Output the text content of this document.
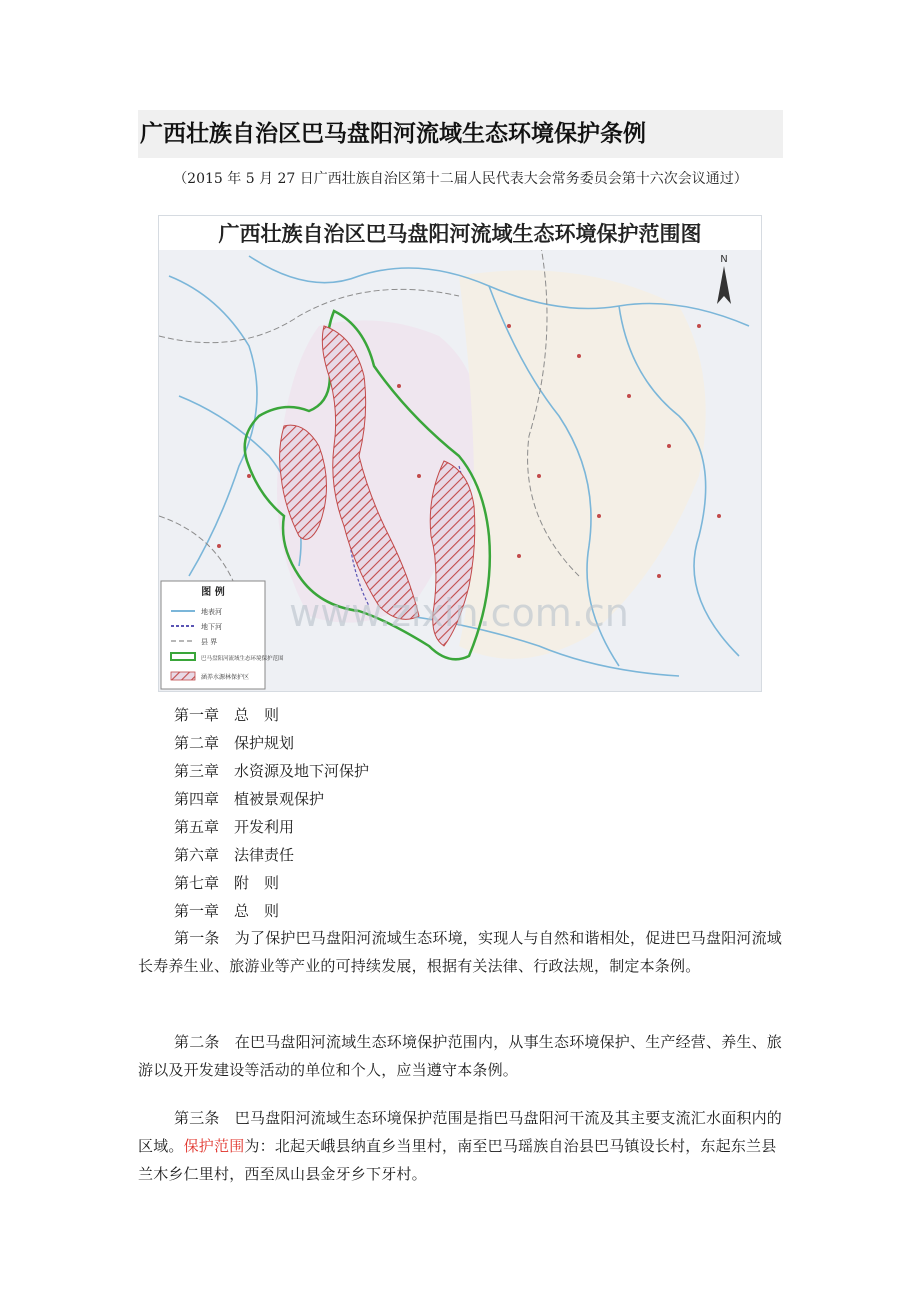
广西壮族自治区巴马盘阳河流域生态环境保护条例
（2015 年 5 月 27 日广西壮族自治区第十二届人民代表大会常务委员会第十六次会议通过）
广西壮族自治区巴马盘阳河流域生态环境保护范围图
N
www.zixin.com.cn
图 例
地表河
地下河
县 界
巴马盘阳河流域生态环境保护范围
涵养水源林保护区
第一章　总　则
第二章　保护规划
第三章　水资源及地下河保护
第四章　植被景观保护
第五章　开发利用
第六章　法律责任
第七章　附　则
第一章　总　则

第一条　为了保护巴马盘阳河流域生态环境，实现人与自然和谐相处，促进巴马盘阳河流域长寿养生业、旅游业等产业的可持续发展，根据有关法律、行政法规，制定本条例。

第二条　在巴马盘阳河流域生态环境保护范围内，从事生态环境保护、生产经营、养生、旅游以及开发建设等活动的单位和个人，应当遵守本条例。

第三条　巴马盘阳河流域生态环境保护范围是指巴马盘阳河干流及其主要支流汇水面积内的区域。保护范围为：北起天峨县纳直乡当里村，南至巴马瑶族自治县巴马镇设长村，东起东兰县兰木乡仁里村，西至凤山县金牙乡下牙村。
